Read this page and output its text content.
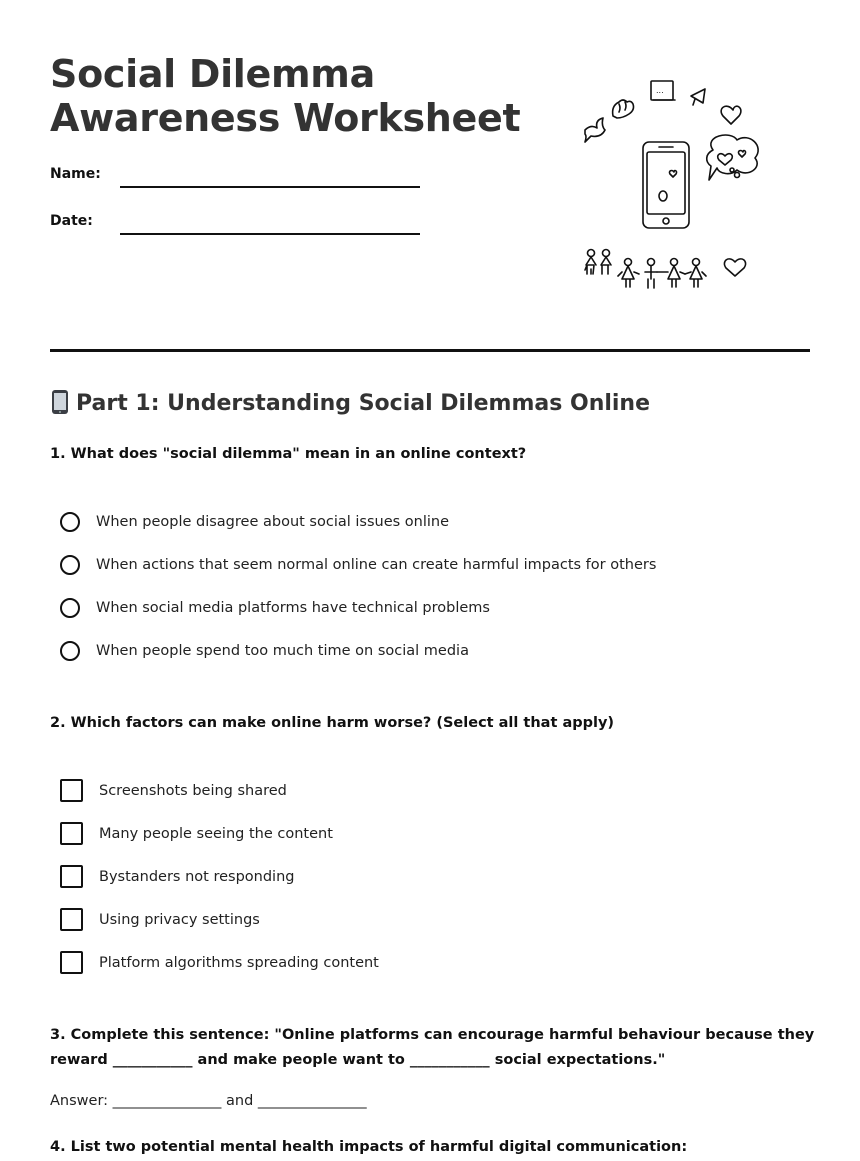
Social Dilemma
Awareness Worksheet
Name:
Date:
...
Part 1: Understanding Social Dilemmas Online

1. What does "social dilemma" mean in an online context?

When people disagree about social issues online
When actions that seem normal online can create harmful impacts for others
When social media platforms have technical problems
When people spend too much time on social media

2. Which factors can make online harm worse? (Select all that apply)

Screenshots being shared
Many people seeing the content
Bystanders not responding
Using privacy settings
Platform algorithms spreading content

3. Complete this sentence: "Online platforms can encourage harmful behaviour because they reward ___________ and make people want to ___________ social expectations."

Answer: _______________ and _______________

4. List two potential mental health impacts of harmful digital communication:
